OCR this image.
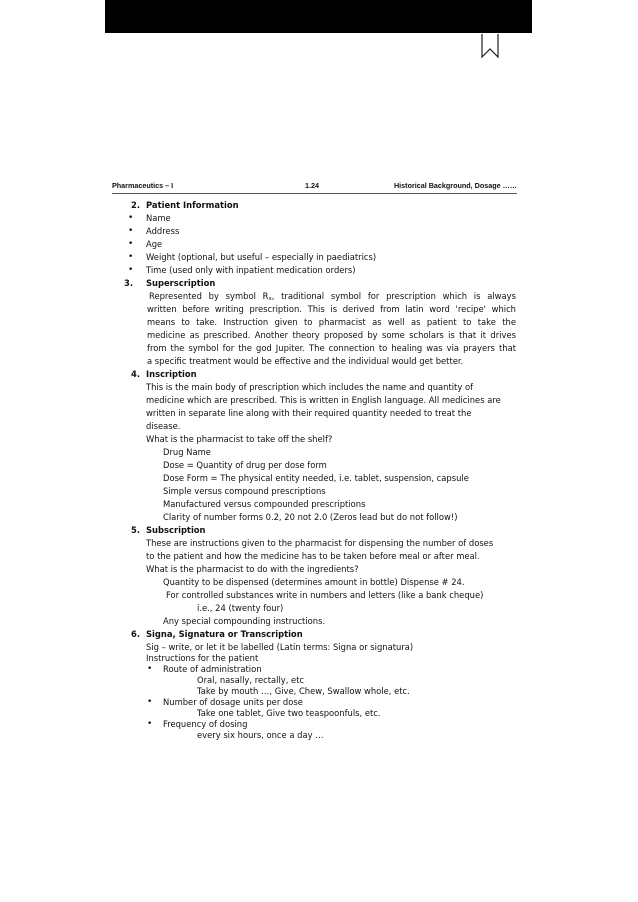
Pharmaceutics – I	1.24	Historical Background, Dosage ……
2. Patient Information
• Name
• Address
• Age
• Weight (optional, but useful – especially in paediatrics)
• Time (used only with inpatient medication orders)
3. Superscription
Represented by symbol Rx, traditional symbol for prescription which is always
written before writing prescription. This is derived from latin word 'recipe' which
means to take. Instruction given to pharmacist as well as patient to take the
medicine as prescribed. Another theory proposed by some scholars is that it drives
from the symbol for the god Jupiter. The connection to healing was via prayers that
a specific treatment would be effective and the individual would get better.
4. Inscription
This is the main body of prescription which includes the name and quantity of
medicine which are prescribed. This is written in English language. All medicines are
written in separate line along with their required quantity needed to treat the
disease.
What is the pharmacist to take off the shelf?
Drug Name
Dose = Quantity of drug per dose form
Dose Form = The physical entity needed, i.e. tablet, suspension, capsule
Simple versus compound prescriptions
Manufactured versus compounded prescriptions
Clarity of number forms 0.2, 20 not 2.0 (Zeros lead but do not follow!)
5. Subscription
These are instructions given to the pharmacist for dispensing the number of doses
to the patient and how the medicine has to be taken before meal or after meal.
What is the pharmacist to do with the ingredients?
Quantity to be dispensed (determines amount in bottle) Dispense # 24.
For controlled substances write in numbers and letters (like a bank cheque)
i.e., 24 (twenty four)
Any special compounding instructions.
6. Signa, Signatura or Transcription
Sig – write, or let it be labelled (Latin terms: Signa or signatura)
Instructions for the patient
• Route of administration
Oral, nasally, rectally, etc
Take by mouth …, Give, Chew, Swallow whole, etc.
• Number of dosage units per dose
Take one tablet, Give two teaspoonfuls, etc.
• Frequency of dosing
every six hours, once a day …
